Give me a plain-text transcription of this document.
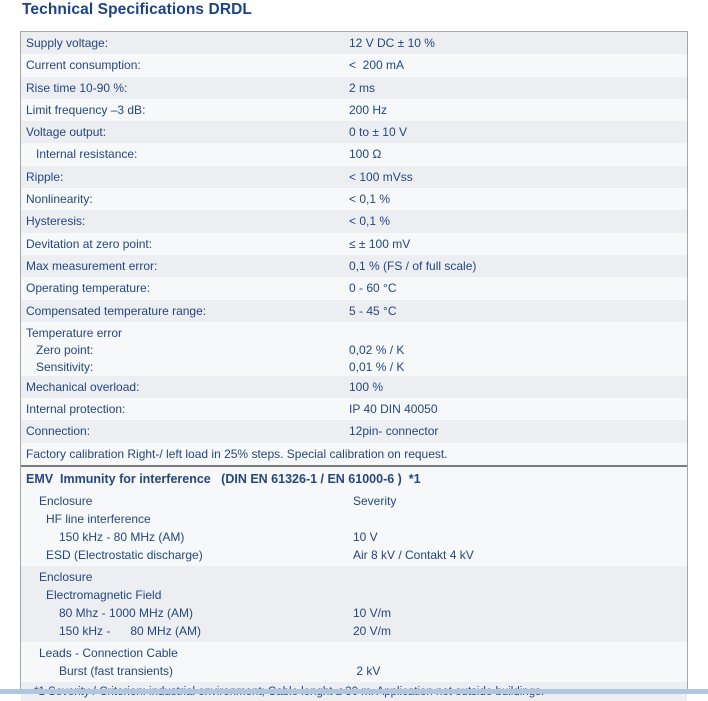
Technical Specifications DRDL
Supply voltage:	12 V DC ± 10 %
Current consumption:	<  200 mA
Rise time 10-90 %:	2 ms
Limit frequency –3 dB:	200 Hz
Voltage output:	0 to ± 10 V
Internal resistance:	100 Ω
Ripple:	< 100 mVss
Nonlinearity:	< 0,1 %
Hysteresis:	< 0,1 %
Devitation at zero point:	≤ ± 100 mV
Max measurement error:	0,1 % (FS / of full scale)
Operating temperature:	0 - 60 °C
Compensated temperature range:	5 - 45 °C
Temperature error
Zero point:	0,02 % / K
Sensitivity:	0,01 % / K
Mechanical overload:	100 %
Internal protection:	IP 40 DIN 40050
Connection:	12pin- connector
Factory calibration Right-/ left load in 25% steps. Special calibration on request.
EMV  Immunity for interference   (DIN EN 61326-1 / EN 61000-6 )  *1
Enclosure	Severity
HF line interference
150 kHz - 80 MHz (AM)	10 V
ESD (Electrostatic discharge)	Air 8 kV / Contakt 4 kV
Enclosure
Electromagnetic Field
80 Mhz - 1000 MHz (AM)	10 V/m
150 kHz -      80 MHz (AM)	20 V/m
Leads - Connection Cable
Burst (fast transients)	2 kV
